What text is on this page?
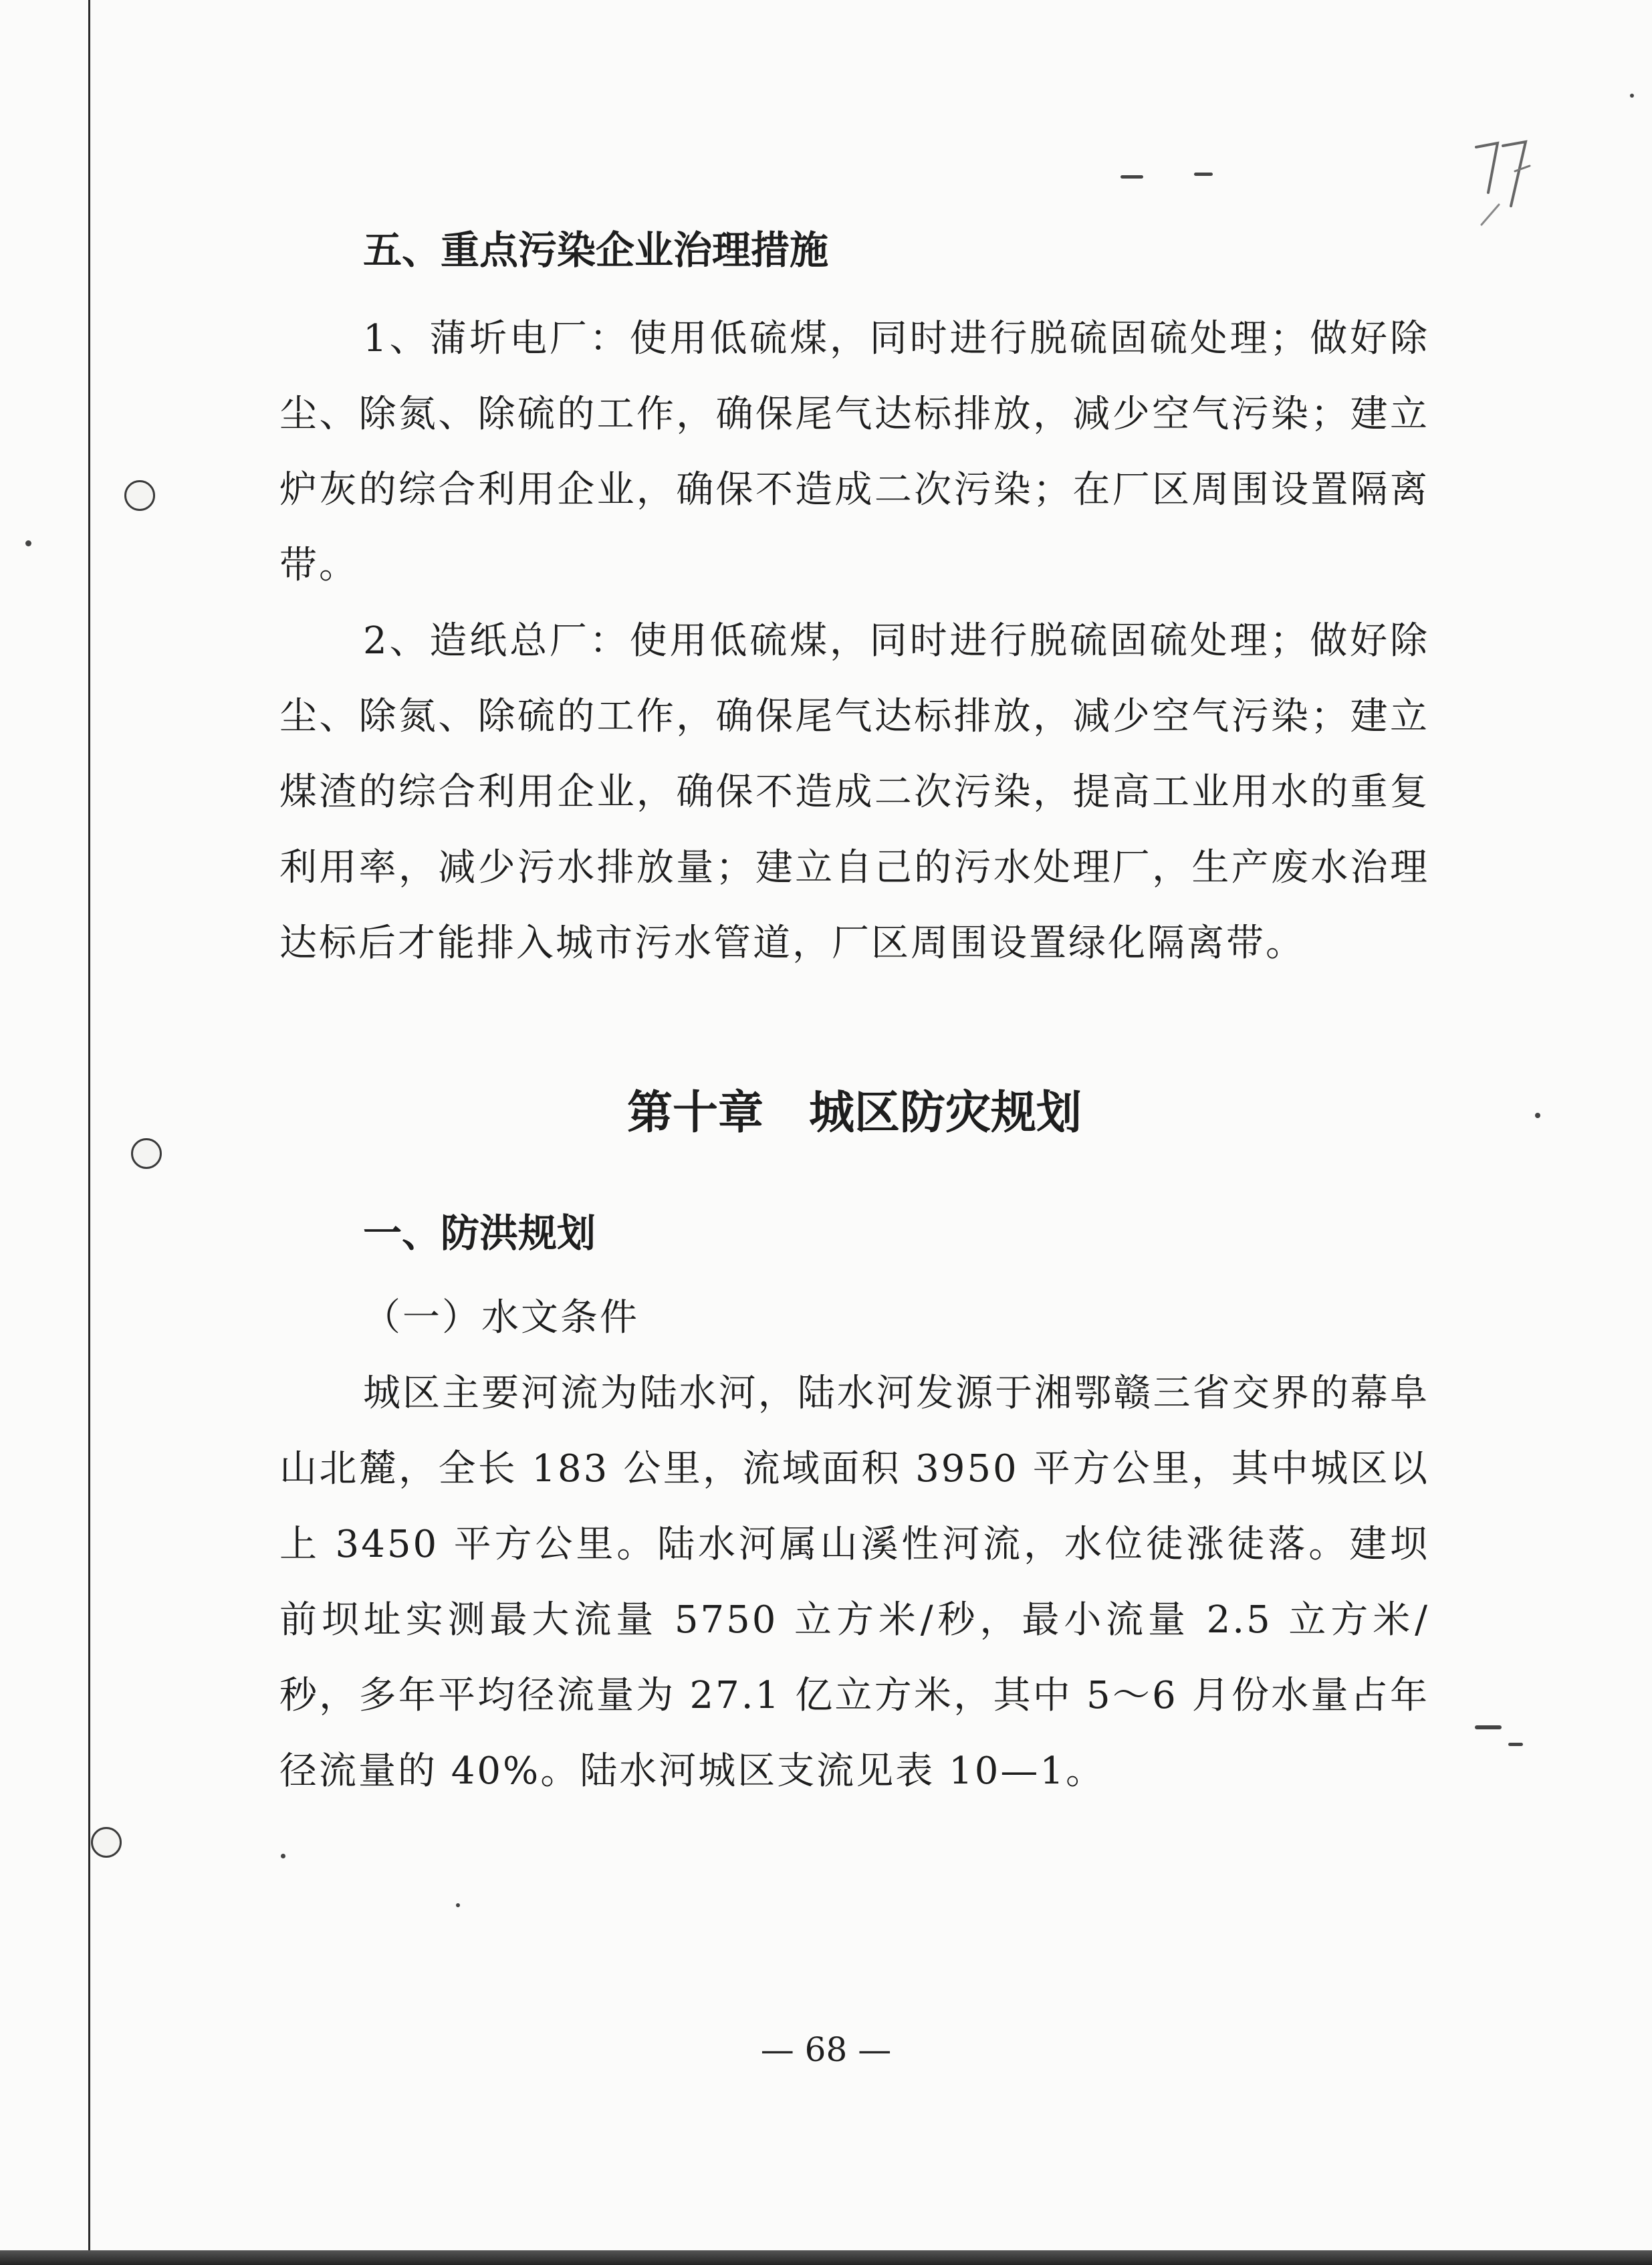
五、重点污染企业治理措施

1、蒲圻电厂：使用低硫煤，同时进行脱硫固硫处理；做好除尘、除氮、除硫的工作，确保尾气达标排放，减少空气污染；建立炉灰的综合利用企业，确保不造成二次污染；在厂区周围设置隔离带。

2、造纸总厂：使用低硫煤，同时进行脱硫固硫处理；做好除尘、除氮、除硫的工作，确保尾气达标排放，减少空气污染；建立煤渣的综合利用企业，确保不造成二次污染，提高工业用水的重复利用率，减少污水排放量；建立自己的污水处理厂，生产废水治理达标后才能排入城市污水管道，厂区周围设置绿化隔离带。

第十章　城区防灾规划
一、防洪规划

（一）水文条件

城区主要河流为陆水河，陆水河发源于湘鄂赣三省交界的幕阜山北麓，全长 183 公里，流域面积 3950 平方公里，其中城区以上 3450 平方公里。陆水河属山溪性河流，水位徒涨徒落。建坝前坝址实测最大流量 5750 立方米/秒，最小流量 2.5 立方米/秒，多年平均径流量为 27.1 亿立方米，其中 5～6 月份水量占年径流量的 40%。陆水河城区支流见表 10—1。

— 68 —
